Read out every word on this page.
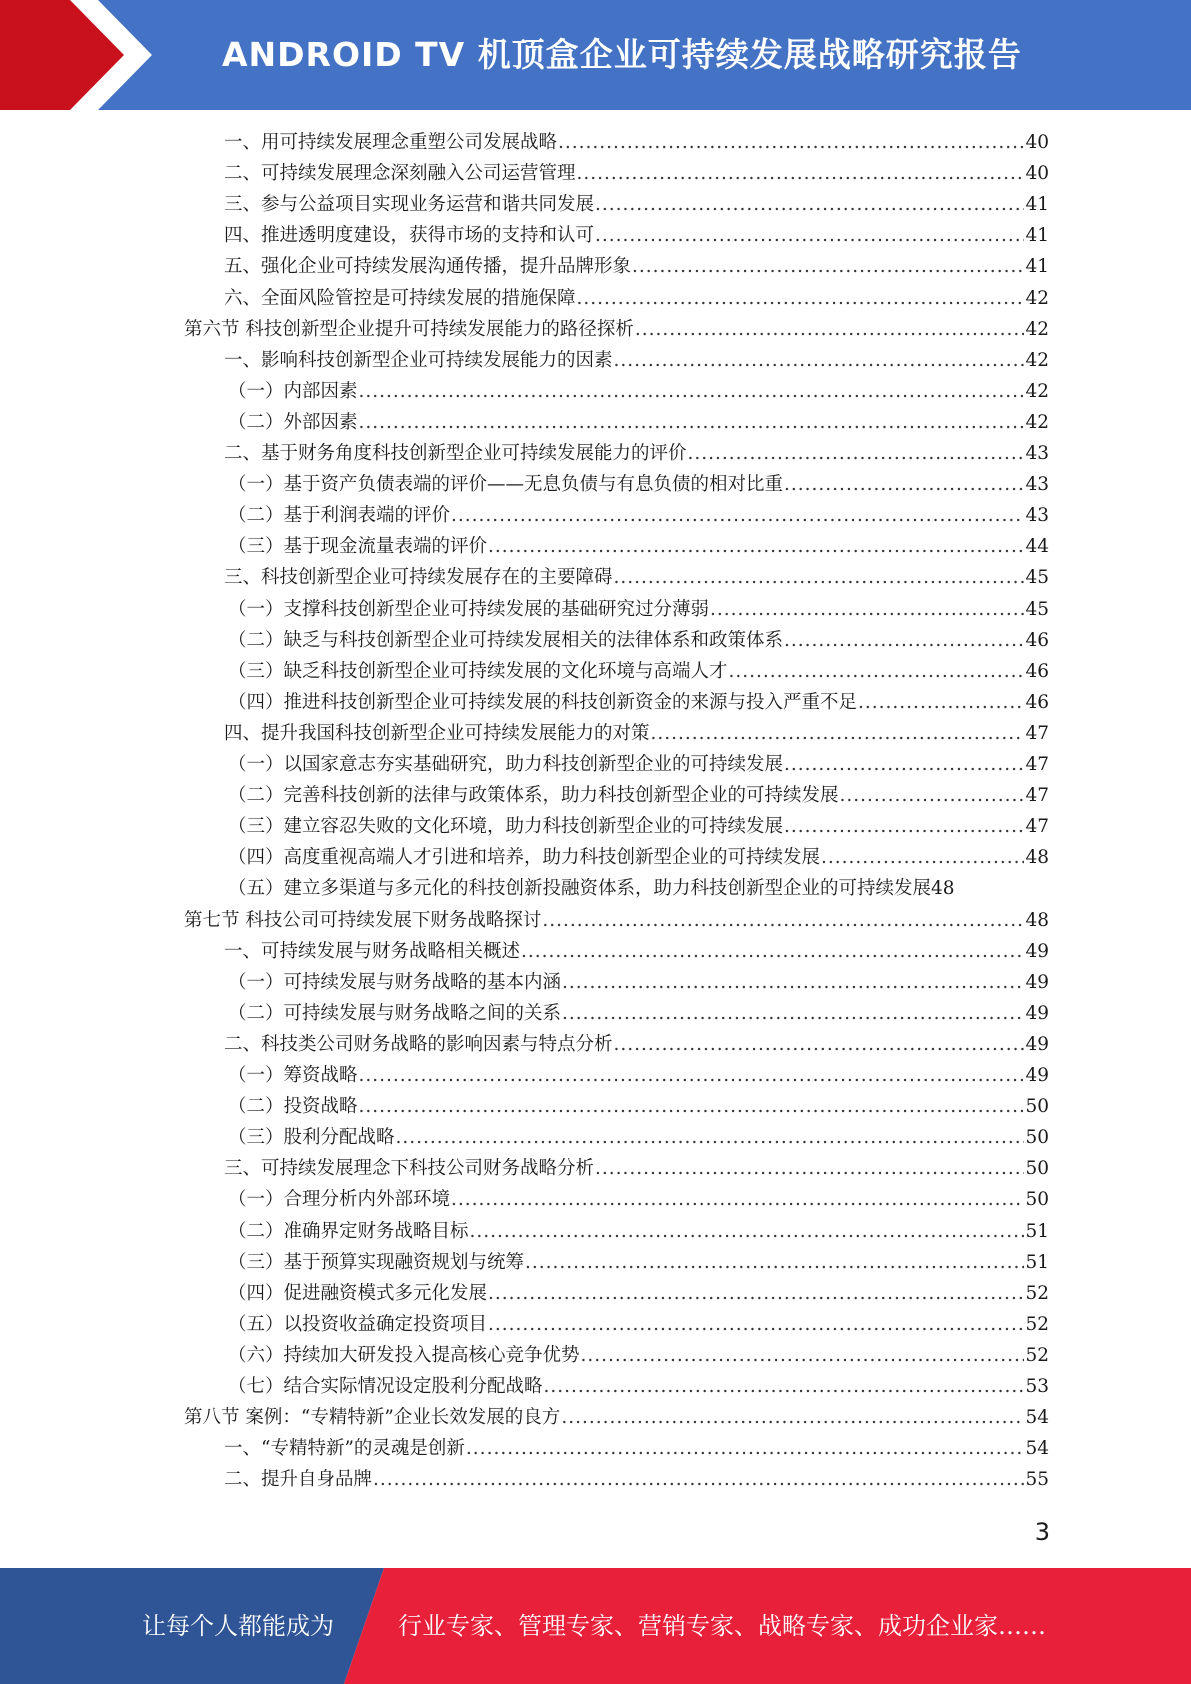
ANDROID TV 机顶盒企业可持续发展战略研究报告
一、用可持续发展理念重塑公司发展战略 .....	40
二、可持续发展理念深刻融入公司运营管理 .....	40
三、参与公益项目实现业务运营和谐共同发展 .....	41
四、推进透明度建设，获得市场的支持和认可 .....	41
五、强化企业可持续发展沟通传播，提升品牌形象 .....	41
六、全面风险管控是可持续发展的措施保障 .....	42
第六节 科技创新型企业提升可持续发展能力的路径探析 .....	42
一、影响科技创新型企业可持续发展能力的因素 .....	42
（一）内部因素 .....	42
（二）外部因素 .....	42
二、基于财务角度科技创新型企业可持续发展能力的评价 .....	43
（一）基于资产负债表端的评价——无息负债与有息负债的相对比重 .....	43
（二）基于利润表端的评价 .....	43
（三）基于现金流量表端的评价 .....	44
三、科技创新型企业可持续发展存在的主要障碍 .....	45
（一）支撑科技创新型企业可持续发展的基础研究过分薄弱 .....	45
（二）缺乏与科技创新型企业可持续发展相关的法律体系和政策体系 .....	46
（三）缺乏科技创新型企业可持续发展的文化环境与高端人才 .....	46
（四）推进科技创新型企业可持续发展的科技创新资金的来源与投入严重不足 .....	46
四、提升我国科技创新型企业可持续发展能力的对策 .....	47
（一）以国家意志夯实基础研究，助力科技创新型企业的可持续发展 .....	47
（二）完善科技创新的法律与政策体系，助力科技创新型企业的可持续发展 .....	47
（三）建立容忍失败的文化环境，助力科技创新型企业的可持续发展 .....	47
（四）高度重视高端人才引进和培养，助力科技创新型企业的可持续发展 .....	48
（五）建立多渠道与多元化的科技创新投融资体系，助力科技创新型企业的可持续发展 48
第七节 科技公司可持续发展下财务战略探讨 .....	48
一、可持续发展与财务战略相关概述 .....	49
（一）可持续发展与财务战略的基本内涵 .....	49
（二）可持续发展与财务战略之间的关系 .....	49
二、科技类公司财务战略的影响因素与特点分析 .....	49
（一）筹资战略 .....	49
（二）投资战略 .....	50
（三）股利分配战略 .....	50
三、可持续发展理念下科技公司财务战略分析 .....	50
（一）合理分析内外部环境 .....	50
（二）准确界定财务战略目标 .....	51
（三）基于预算实现融资规划与统筹 .....	51
（四）促进融资模式多元化发展 .....	52
（五）以投资收益确定投资项目 .....	52
（六）持续加大研发投入提高核心竞争优势 .....	52
（七）结合实际情况设定股利分配战略 .....	53
第八节 案例：“专精特新”企业长效发展的良方 .....	54
一、“专精特新”的灵魂是创新 .....	54
二、提升自身品牌 .....	55
3
让每个人都能成为	行业专家、管理专家、营销专家、战略专家、成功企业家……
